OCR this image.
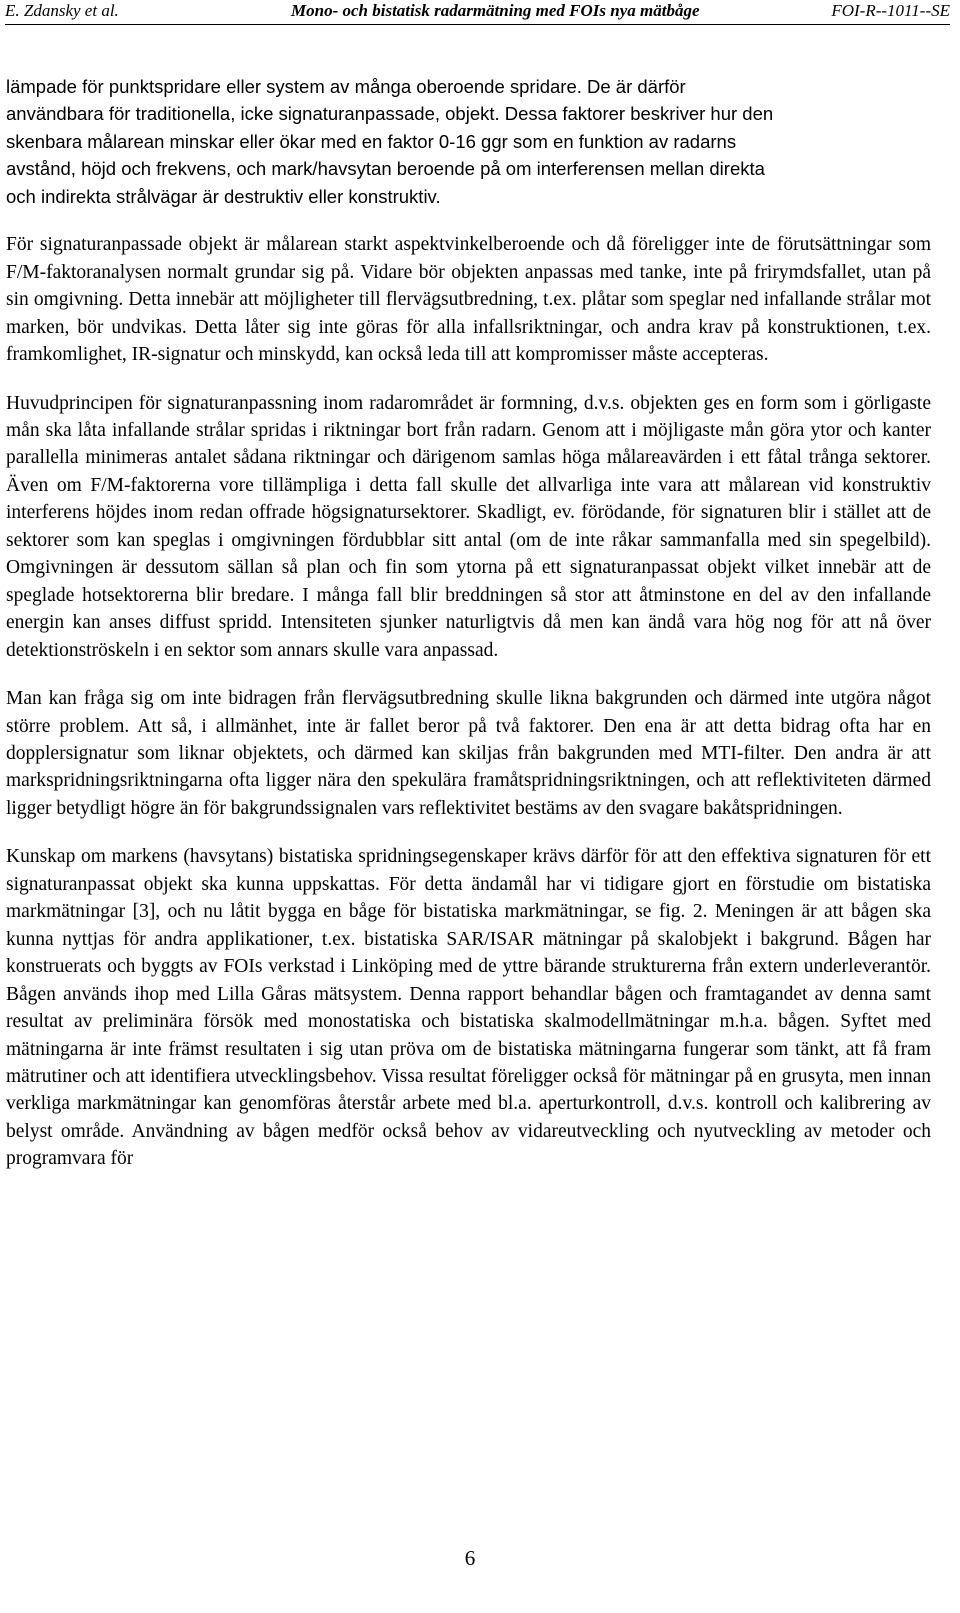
E. Zdansky et al.	Mono- och bistatisk radarmätning med FOIs nya mätbåge	FOI-R--1011--SE

lämpade för punktspridare eller system av många oberoende spridare. De är därför
användbara för traditionella, icke signaturanpassade, objekt. Dessa faktorer beskriver hur den
skenbara målarean minskar eller ökar med en faktor 0-16 ggr som en funktion av radarns
avstånd, höjd och frekvens, och mark/havsytan beroende på om interferensen mellan direkta
och indirekta strålvägar är destruktiv eller konstruktiv.

För signaturanpassade objekt är målarean starkt aspektvinkelberoende och då föreligger inte de förutsättningar som F/M-faktoranalysen normalt grundar sig på. Vidare bör objekten anpassas med tanke, inte på frirymdsfallet, utan på sin omgivning. Detta innebär att möjligheter till flervägsutbredning, t.ex. plåtar som speglar ned infallande strålar mot marken, bör undvikas. Detta låter sig inte göras för alla infallsriktningar, och andra krav på konstruktionen, t.ex. framkomlighet, IR-signatur och minskydd, kan också leda till att kompromisser måste accepteras.

Huvudprincipen för signaturanpassning inom radarområdet är formning, d.v.s. objekten ges en form som i görligaste mån ska låta infallande strålar spridas i riktningar bort från radarn. Genom att i möjligaste mån göra ytor och kanter parallella minimeras antalet sådana riktningar och därigenom samlas höga målareavärden i ett fåtal trånga sektorer. Även om F/M-faktorerna vore tillämpliga i detta fall skulle det allvarliga inte vara att målarean vid konstruktiv interferens höjdes inom redan offrade högsignatursektorer. Skadligt, ev. förödande, för signaturen blir i stället att de sektorer som kan speglas i omgivningen fördubblar sitt antal (om de inte råkar sammanfalla med sin spegelbild). Omgivningen är dessutom sällan så plan och fin som ytorna på ett signaturanpassat objekt vilket innebär att de speglade hotsektorerna blir bredare. I många fall blir breddningen så stor att åtminstone en del av den infallande energin kan anses diffust spridd. Intensiteten sjunker naturligtvis då men kan ändå vara hög nog för att nå över detektionströskeln i en sektor som annars skulle vara anpassad.

Man kan fråga sig om inte bidragen från flervägsutbredning skulle likna bakgrunden och därmed inte utgöra något större problem. Att så, i allmänhet, inte är fallet beror på två faktorer. Den ena är att detta bidrag ofta har en dopplersignatur som liknar objektets, och därmed kan skiljas från bakgrunden med MTI-filter. Den andra är att markspridningsriktningarna ofta ligger nära den spekulära framåtspridningsriktningen, och att reflektiviteten därmed ligger betydligt högre än för bakgrundssignalen vars reflektivitet bestäms av den svagare bakåtspridningen.

Kunskap om markens (havsytans) bistatiska spridningsegenskaper krävs därför för att den effektiva signaturen för ett signaturanpassat objekt ska kunna uppskattas. För detta ändamål har vi tidigare gjort en förstudie om bistatiska markmätningar [3], och nu låtit bygga en båge för bistatiska markmätningar, se fig. 2. Meningen är att bågen ska kunna nyttjas för andra applikationer, t.ex. bistatiska SAR/ISAR mätningar på skalobjekt i bakgrund. Bågen har konstruerats och byggts av FOIs verkstad i Linköping med de yttre bärande strukturerna från extern underleverantör. Bågen används ihop med Lilla Gåras mätsystem. Denna rapport behandlar bågen och framtagandet av denna samt resultat av preliminära försök med monostatiska och bistatiska skalmodellmätningar m.h.a. bågen. Syftet med mätningarna är inte främst resultaten i sig utan pröva om de bistatiska mätningarna fungerar som tänkt, att få fram mätrutiner och att identifiera utvecklingsbehov. Vissa resultat föreligger också för mätningar på en grusyta, men innan verkliga markmätningar kan genomföras återstår arbete med bl.a. aperturkontroll, d.v.s. kontroll och kalibrering av belyst område. Användning av bågen medför också behov av vidareutveckling och nyutveckling av metoder och programvara för

6
